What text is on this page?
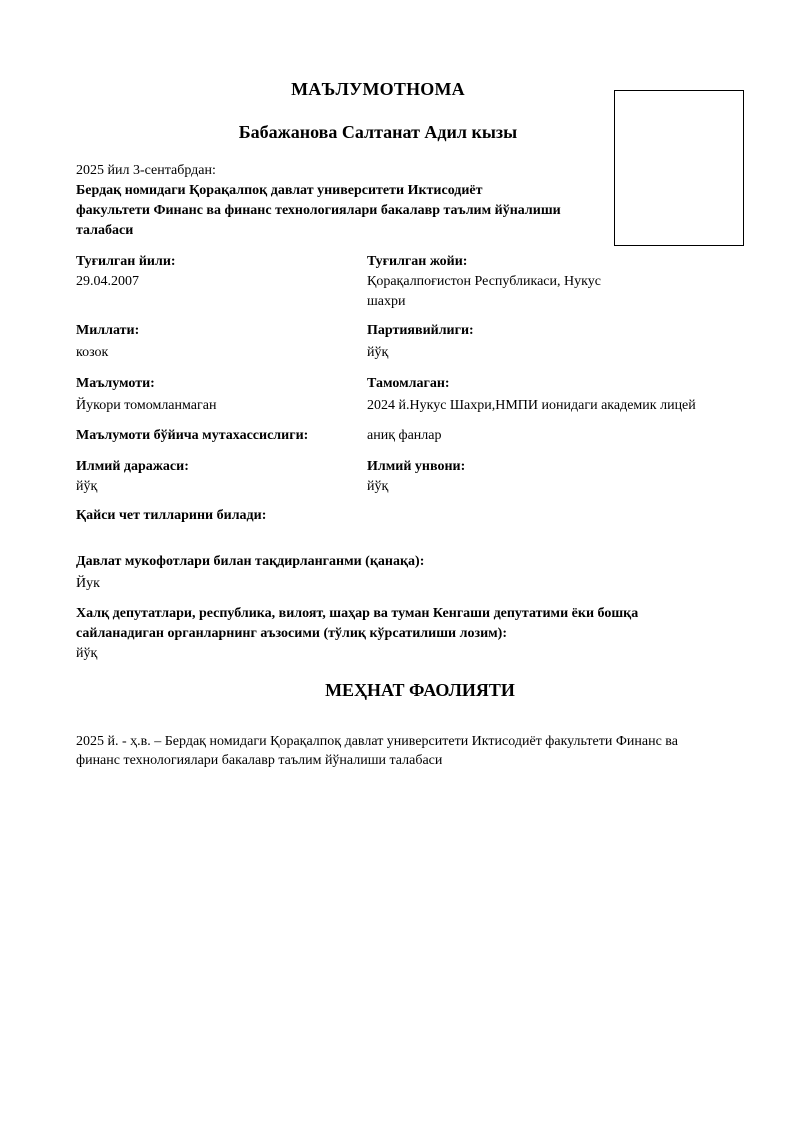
МАЪЛУМОТНОМА
Бабажанова Салтанат Адил кызы
2025 йил 3-сентабрдан:
Бердақ номидаги Қорақалпоқ давлат университети Иктисодиёт
факультети Финанс ва финанс технологиялари бакалавр таълим йўналиши
талабаси
Туғилган йили:
29.04.2007
Туғилган жойи:
Қорақалпоғистон Республикаси, Нукус
шахри
Миллати:
козок
Партиявийлиги:
йўқ
Маълумоти:
Йукори томомланмаган
Тамомлаган:
2024 й.Нукус Шахри,НМПИ ионидаги академик лицей
Маълумоти бўйича мутахассислиги:	аниқ фанлар
Илмий даражаси:
йўқ
Илмий унвони:
йўқ
Қайси чет тилларини билади:
Давлат мукофотлари билан тақдирланганми (қанақа):
Йук
Халқ депутатлари, республика, вилоят, шаҳар ва туман Кенгаши депутатими ёки бошқа
сайланадиган органларнинг аъзосими (тўлиқ кўрсатилиши лозим):
йўқ
МЕҲНАТ ФАОЛИЯТИ
2025 й. - ҳ.в. – Бердақ номидаги Қорақалпоқ давлат университети Иктисодиёт факультети Финанс ва
финанс технологиялари бакалавр таълим йўналиши талабаси
